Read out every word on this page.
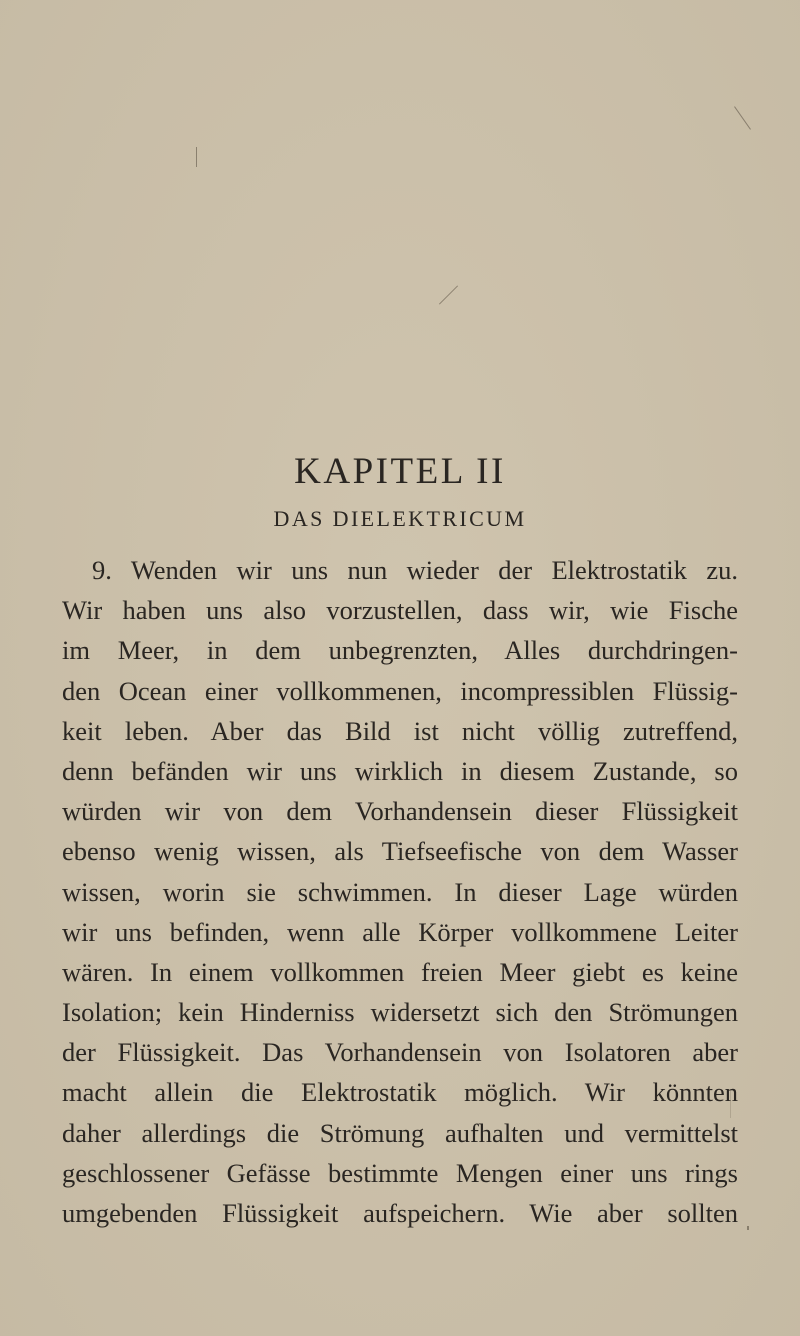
KAPITEL II
DAS DIELEKTRICUM
9. Wenden wir uns nun wieder der Elektrostatik zu.
Wir haben uns also vorzustellen, dass wir, wie Fische
im Meer, in dem unbegrenzten, Alles durchdringen-
den Ocean einer vollkommenen, incompressiblen Flüssig-
keit leben. Aber das Bild ist nicht völlig zutreffend,
denn befänden wir uns wirklich in diesem Zustande, so
würden wir von dem Vorhandensein dieser Flüssigkeit
ebenso wenig wissen, als Tiefseefische von dem Wasser
wissen, worin sie schwimmen. In dieser Lage würden
wir uns befinden, wenn alle Körper vollkommene Leiter
wären. In einem vollkommen freien Meer giebt es keine
Isolation; kein Hinderniss widersetzt sich den Strömungen
der Flüssigkeit. Das Vorhandensein von Isolatoren aber
macht allein die Elektrostatik möglich. Wir könnten
daher allerdings die Strömung aufhalten und vermittelst
geschlossener Gefässe bestimmte Mengen einer uns rings
umgebenden Flüssigkeit aufspeichern. Wie aber sollten
